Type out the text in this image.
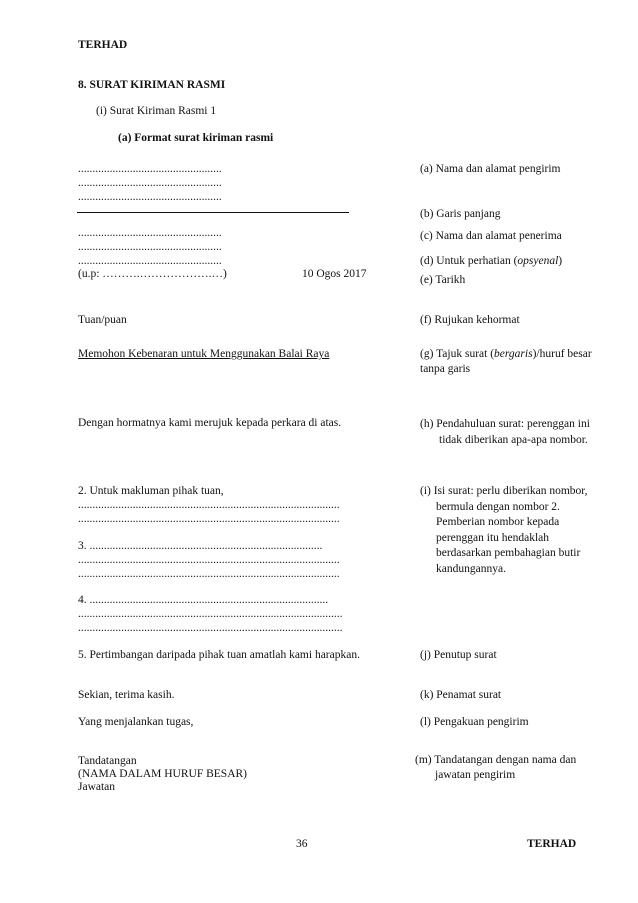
TERHAD
8. SURAT KIRIMAN RASMI
(i) Surat Kiriman Rasmi 1
(a) Format surat kiriman rasmi
..................................................
..................................................
..................................................
..................................................
..................................................
..................................................
(u.p: ……….……………….…)	10 Ogos 2017
Tuan/puan
Memohon Kebenaran untuk Menggunakan Balai Raya
Dengan hormatnya kami merujuk kepada perkara di atas.
2. Untuk makluman pihak tuan,
...........................................................................................
...........................................................................................
3. .................................................................................
...........................................................................................
...........................................................................................
4. ...................................................................................
............................................................................................
............................................................................................
5. Pertimbangan daripada pihak tuan amatlah kami harapkan.
Sekian, terima kasih.
Yang menjalankan tugas,
Tandatangan
(NAMA DALAM HURUF BESAR)
Jawatan
(a) Nama dan alamat pengirim
(b) Garis panjang
(c) Nama dan alamat penerima
(d) Untuk perhatian (opsyenal)
(e) Tarikh
(f) Rujukan kehormat
(g) Tajuk surat (bergaris)/huruf besar
tanpa garis
(h) Pendahuluan surat: perenggan ini
tidak diberikan apa-apa nombor.
(i) Isi surat: perlu diberikan nombor,
bermula dengan nombor 2.
Pemberian nombor kepada
perenggan itu hendaklah
berdasarkan pembahagian butir
kandungannya.
(j) Penutup surat
(k) Penamat surat
(l) Pengakuan pengirim
(m) Tandatangan dengan nama dan
jawatan pengirim
36	TERHAD
